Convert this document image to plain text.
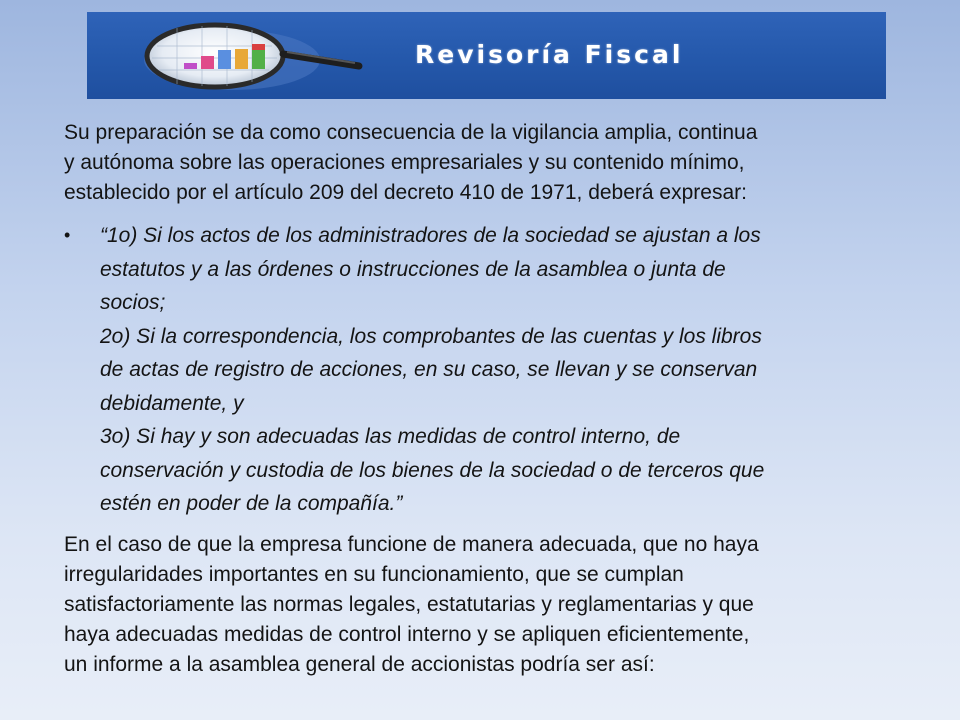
Revisoría Fiscal

Su preparación se da como consecuencia de la vigilancia amplia, continua
y autónoma sobre las operaciones empresariales y su contenido mínimo,
establecido por el artículo 209 del decreto 410 de 1971, deberá expresar:

• “1o) Si los actos de los administradores de la sociedad se ajustan a los
estatutos y a las órdenes o instrucciones de la asamblea o junta de
socios;
2o) Si la correspondencia, los comprobantes de las cuentas y los libros
de actas de registro de acciones, en su caso, se llevan y se conservan
debidamente, y
3o) Si hay y son adecuadas las medidas de control interno, de
conservación y custodia de los bienes de la sociedad o de terceros que
estén en poder de la compañía.”

En el caso de que la empresa funcione de manera adecuada, que no haya
irregularidades importantes en su funcionamiento, que se cumplan
satisfactoriamente las normas legales, estatutarias y reglamentarias y que
haya adecuadas medidas de control interno y se apliquen eficientemente,
un informe a la asamblea general de accionistas podría ser así:
